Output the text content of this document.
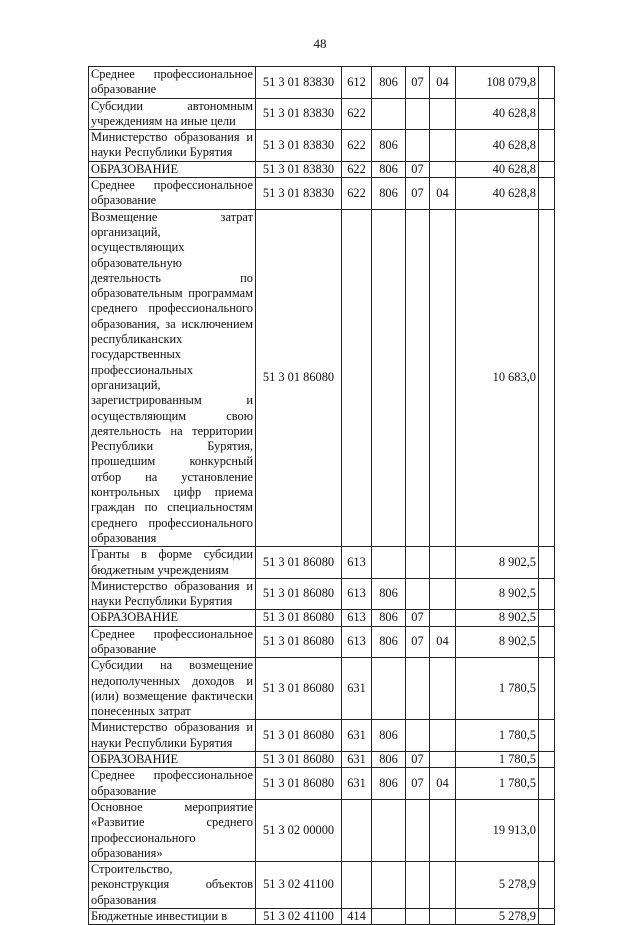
48
Среднее профессиональное образование	51 3 01 83830	612	806	07	04	108 079,8	
Субсидии автономным учреждениям на иные цели	51 3 01 83830	622				40 628,8	
Министерство образования и науки Республики Бурятия	51 3 01 83830	622	806			40 628,8	
ОБРАЗОВАНИЕ	51 3 01 83830	622	806	07		40 628,8	
Среднее профессиональное образование	51 3 01 83830	622	806	07	04	40 628,8	
Возмещение затрат организаций, осуществляющих образовательную деятельность по образовательным программам среднего профессионального образования, за исключением республиканских государственных профессиональных организаций, зарегистрированным и осуществляющим свою деятельность на территории Республики Бурятия, прошедшим конкурсный отбор на установление контрольных цифр приема граждан по специальностям среднего профессионального образования	51 3 01 86080					10 683,0	
Гранты в форме субсидии бюджетным учреждениям	51 3 01 86080	613				8 902,5	
Министерство образования и науки Республики Бурятия	51 3 01 86080	613	806			8 902,5	
ОБРАЗОВАНИЕ	51 3 01 86080	613	806	07		8 902,5	
Среднее профессиональное образование	51 3 01 86080	613	806	07	04	8 902,5	
Субсидии на возмещение недополученных доходов и (или) возмещение фактически понесенных затрат	51 3 01 86080	631				1 780,5	
Министерство образования и науки Республики Бурятия	51 3 01 86080	631	806			1 780,5	
ОБРАЗОВАНИЕ	51 3 01 86080	631	806	07		1 780,5	
Среднее профессиональное образование	51 3 01 86080	631	806	07	04	1 780,5	
Основное мероприятие «Развитие среднего профессионального образования»	51 3 02 00000					19 913,0	
Строительство, реконструкция объектов образования	51 3 02 41100					5 278,9	
Бюджетные инвестиции в	51 3 02 41100	414				5 278,9	
